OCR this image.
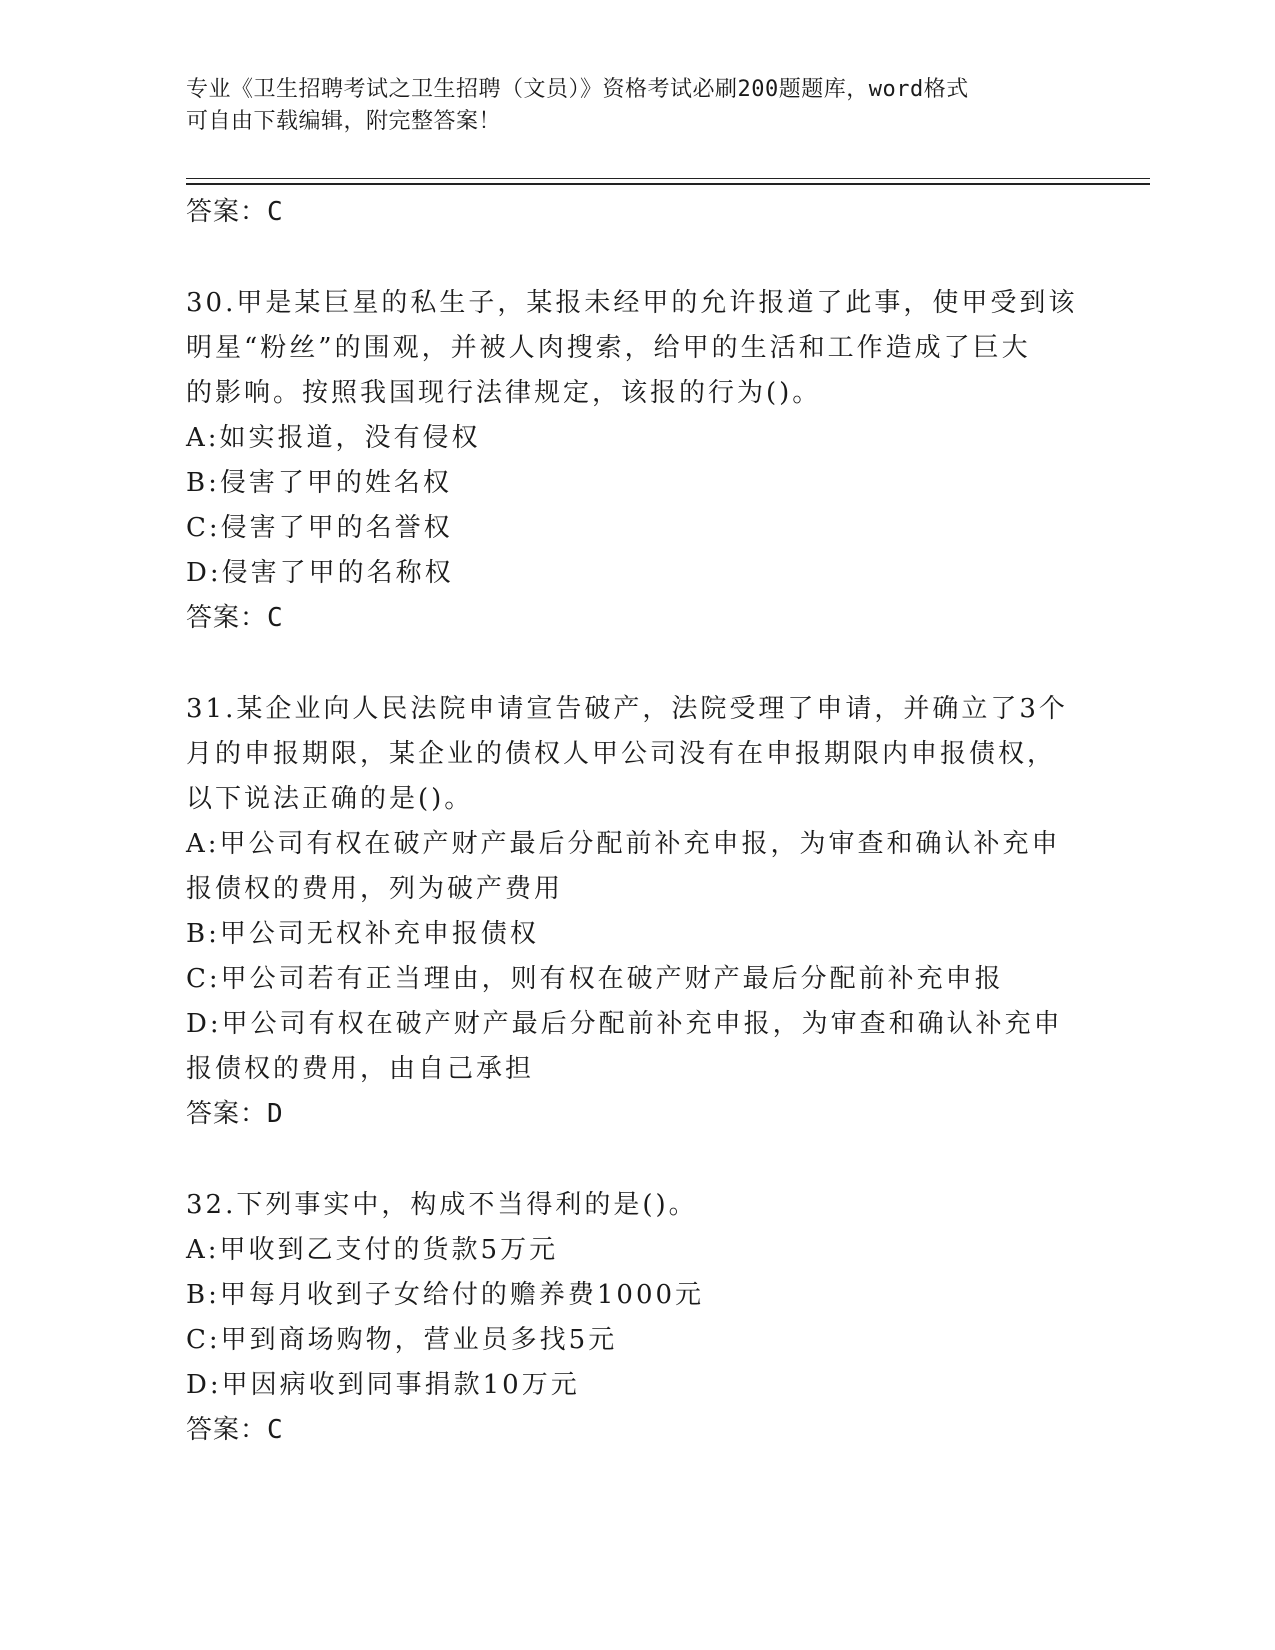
专业《卫生招聘考试之卫生招聘（文员）》资格考试必刷200题题库，word格式
可自由下载编辑，附完整答案！
答案：C
30.甲是某巨星的私生子，某报未经甲的允许报道了此事，使甲受到该
明星“粉丝”的围观，并被人肉搜索，给甲的生活和工作造成了巨大
的影响。按照我国现行法律规定，该报的行为()。
A:如实报道，没有侵权
B:侵害了甲的姓名权
C:侵害了甲的名誉权
D:侵害了甲的名称权
答案：C
31.某企业向人民法院申请宣告破产，法院受理了申请，并确立了3个
月的申报期限，某企业的债权人甲公司没有在申报期限内申报债权，
以下说法正确的是()。
A:甲公司有权在破产财产最后分配前补充申报，为审查和确认补充申
报债权的费用，列为破产费用
B:甲公司无权补充申报债权
C:甲公司若有正当理由，则有权在破产财产最后分配前补充申报
D:甲公司有权在破产财产最后分配前补充申报，为审查和确认补充申
报债权的费用，由自己承担
答案：D
32.下列事实中，构成不当得利的是()。
A:甲收到乙支付的货款5万元
B:甲每月收到子女给付的赡养费1000元
C:甲到商场购物，营业员多找5元
D:甲因病收到同事捐款10万元
答案：C
